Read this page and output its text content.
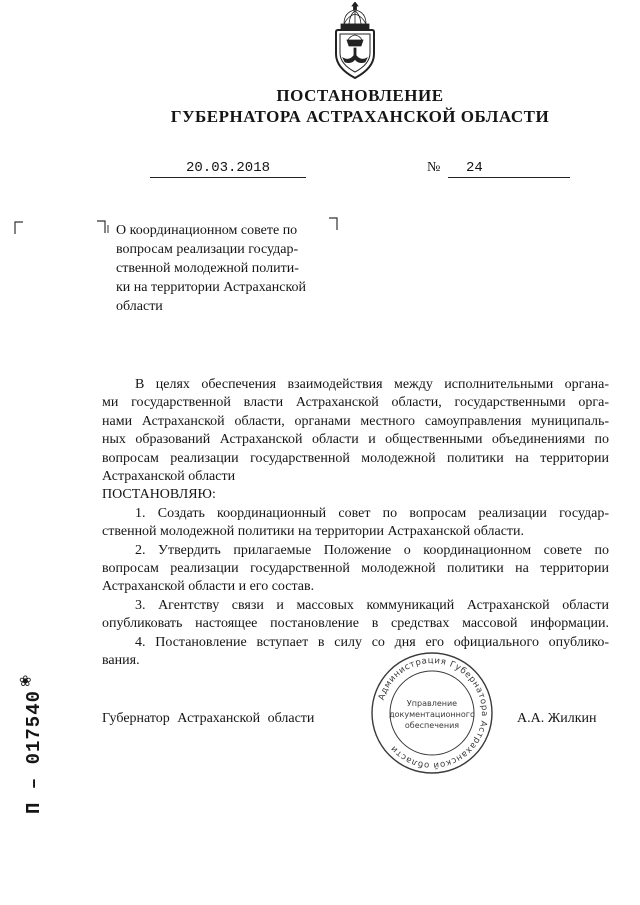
ПОСТАНОВЛЕНИЕ
ГУБЕРНАТОРА АСТРАХАНСКОЙ ОБЛАСТИ
20.03.2018	№	24
О координационном совете по
вопросам реализации государ-
ственной молодежной полити-
ки на территории Астраханской
области
В целях обеспечения взаимодействия между исполнительными органа-
ми государственной власти Астраханской области, государственными орга-
нами Астраханской области, органами местного самоуправления муниципаль-
ных образований Астраханской области и общественными объединениями по
вопросам реализации государственной молодежной политики на территории
Астраханской области
ПОСТАНОВЛЯЮ:
1. Создать координационный совет по вопросам реализации государ-
ственной молодежной политики на территории Астраханской области.
2. Утвердить прилагаемые Положение о координационном совете по
вопросам реализации государственной молодежной политики на территории
Астраханской области и его состав.
3. Агентству связи и массовых коммуникаций Астраханской области
опубликовать настоящее постановление в средствах массовой информации.
4. Постановление вступает в силу со дня его официального опублико-
вания.
Губернатор Астраханской области	А.А. Жилкин
Администрация Губернатора Астраханской области
Управление
документационного
обеспечения
❀
П – 017540
